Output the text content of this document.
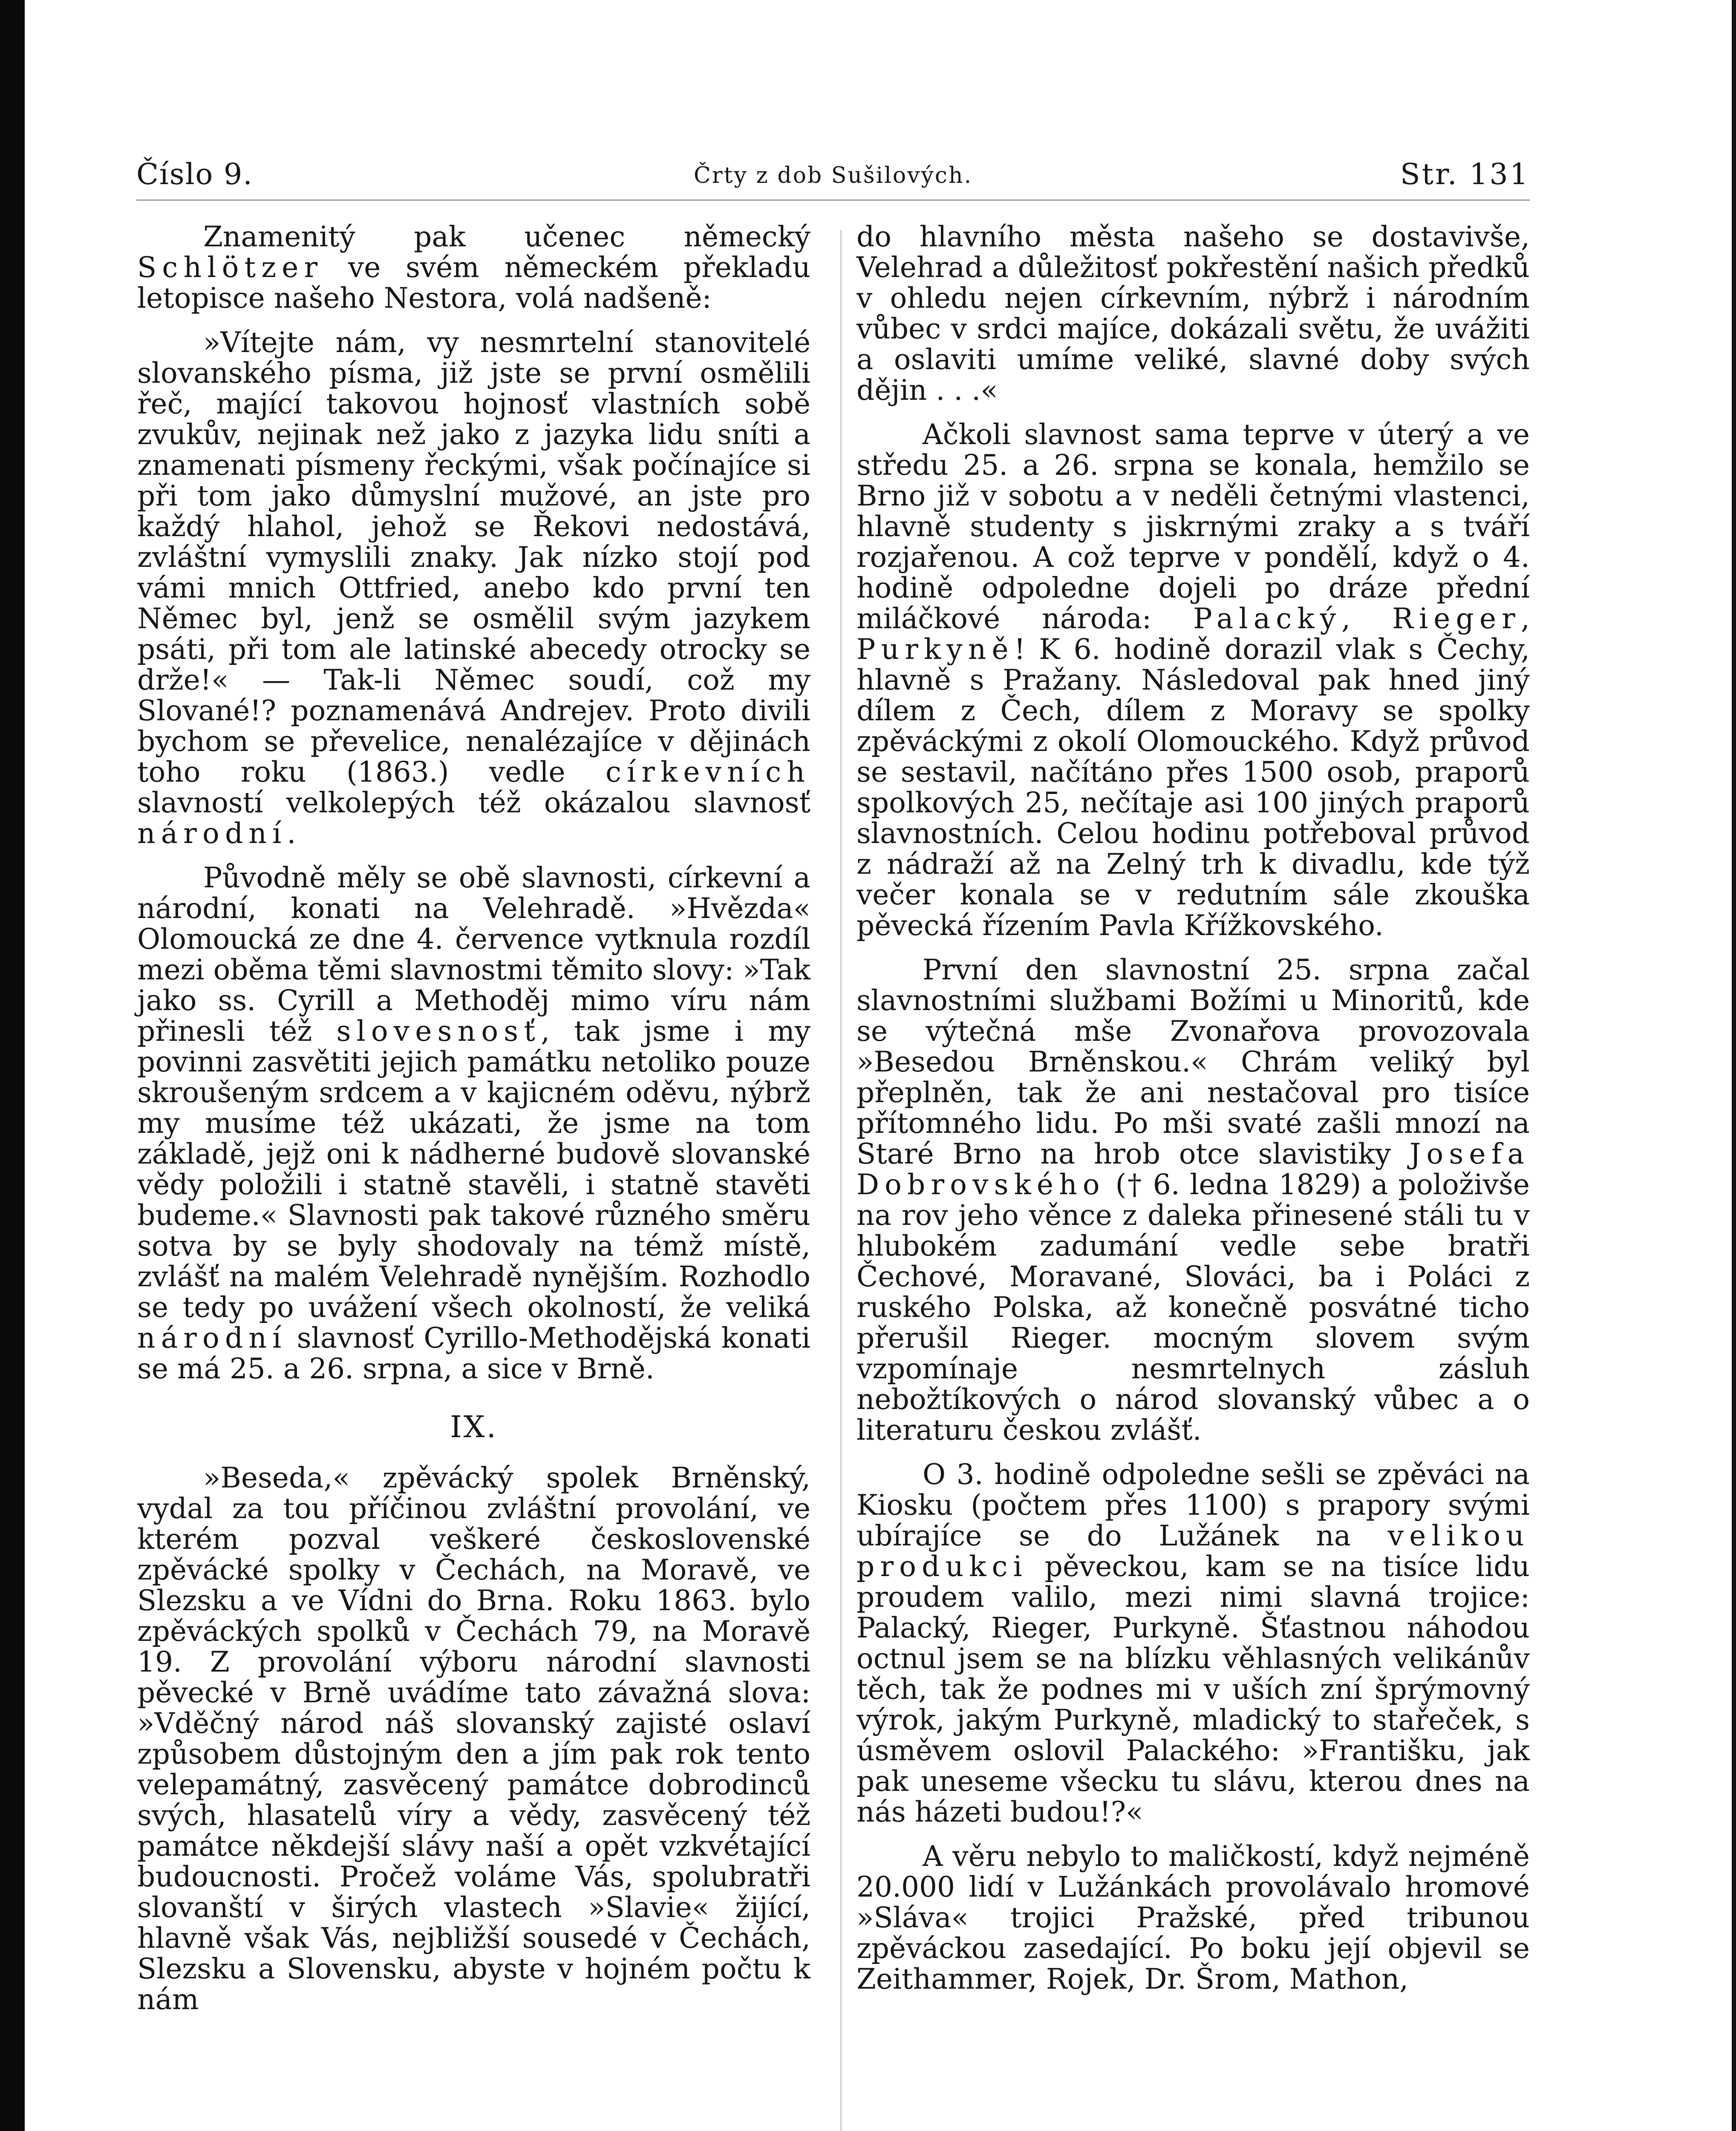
Číslo 9.	Črty z dob Sušilových.	Str. 131

Znamenitý pak učenec německý Schlötzer ve svém německém překladu letopisce našeho Nestora, volá nadšeně:

»Vítejte nám, vy nesmrtelní stanovitelé slovanského písma, již jste se první osmělili řeč, mající takovou hojnosť vlastních sobě zvukův, nejinak než jako z jazyka lidu sníti a znamenati písmeny řeckými, však počínajíce si při tom jako důmyslní mužové, an jste pro každý hlahol, jehož se Řekovi nedostává, zvláštní vymyslili znaky. Jak nízko stojí pod vámi mnich Ottfried, anebo kdo první ten Němec byl, jenž se osmělil svým jazykem psáti, při tom ale latinské abecedy otrocky se drže!« — Tak-li Němec soudí, což my Slované!? poznamenává Andrejev. Proto divili bychom se převelice, nenalézajíce v dějinách toho roku (1863.) vedle církevních slavností velkolepých též okázalou slavnosť národní.

Původně měly se obě slavnosti, církevní a národní, konati na Velehradě. »Hvězda« Olomoucká ze dne 4. července vytknula rozdíl mezi oběma těmi slavnostmi těmito slovy: »Tak jako ss. Cyrill a Methoděj mimo víru nám přinesli též slovesnosť, tak jsme i my povinni zasvětiti jejich památku netoliko pouze skroušeným srdcem a v kajicném oděvu, nýbrž my musíme též ukázati, že jsme na tom základě, jejž oni k nádherné budově slovanské vědy položili i statně stavěli, i statně stavěti budeme.« Slavnosti pak takové různého směru sotva by se byly shodovaly na témž místě, zvlášť na malém Velehradě nynějším. Rozhodlo se tedy po uvážení všech okolností, že veliká národní slavnosť Cyrillo-Methodějská konati se má 25. a 26. srpna, a sice v Brně.

IX.

»Beseda,« zpěvácký spolek Brněnský, vydal za tou příčinou zvláštní provolání, ve kterém pozval veškeré československé zpěvácké spolky v Čechách, na Moravě, ve Slezsku a ve Vídni do Brna. Roku 1863. bylo zpěváckých spolků v Čechách 79, na Moravě 19. Z provolání výboru národní slavnosti pěvecké v Brně uvádíme tato závažná slova: »Vděčný národ náš slovanský zajisté oslaví způsobem důstojným den a jím pak rok tento velepamátný, zasvěcený památce dobrodinců svých, hlasatelů víry a vědy, zasvěcený též památce někdejší slávy naší a opět vzkvétající budoucnosti. Pročež voláme Vás, spolubratři slovanští v širých vlastech »Slavie« žijící, hlavně však Vás, nejbližší sousedé v Čechách, Slezsku a Slovensku, abyste v hojném počtu k nám

do hlavního města našeho se dostavivše, Velehrad a důležitosť pokřestění našich předků v ohledu nejen církevním, nýbrž i národním vůbec v srdci majíce, dokázali světu, že uvážiti a oslaviti umíme veliké, slavné doby svých dějin . . .«

Ačkoli slavnost sama teprve v úterý a ve středu 25. a 26. srpna se konala, hemžilo se Brno již v sobotu a v neděli četnými vlastenci, hlavně studenty s jiskrnými zraky a s tváří rozjařenou. A což teprve v pondělí, když o 4. hodině odpoledne dojeli po dráze přední miláčkové národa: Palacký, Rieger, Purkyně! K 6. hodině dorazil vlak s Čechy, hlavně s Pražany. Následoval pak hned jiný dílem z Čech, dílem z Moravy se spolky zpěváckými z okolí Olomouckého. Když průvod se sestavil, načítáno přes 1500 osob, praporů spolkových 25, nečítaje asi 100 jiných praporů slavnostních. Celou hodinu potřeboval průvod z nádraží až na Zelný trh k divadlu, kde týž večer konala se v redutním sále zkouška pěvecká řízením Pavla Křížkovského.

První den slavnostní 25. srpna začal slavnostními službami Božími u Minoritů, kde se výtečná mše Zvonařova provozovala »Besedou Brněnskou.« Chrám veliký byl přeplněn, tak že ani nestačoval pro tisíce přítomného lidu. Po mši svaté zašli mnozí na Staré Brno na hrob otce slavistiky Josefa Dobrovského († 6. ledna 1829) a položivše na rov jeho věnce z daleka přinesené stáli tu v hlubokém zadumání vedle sebe bratři Čechové, Moravané, Slováci, ba i Poláci z ruského Polska, až konečně posvátné ticho přerušil Rieger. mocným slovem svým vzpomínaje nesmrtelnych zásluh nebožtíkových o národ slovanský vůbec a o literaturu českou zvlášť.

O 3. hodině odpoledne sešli se zpěváci na Kiosku (počtem přes 1100) s prapory svými ubírajíce se do Lužánek na velikou produkci pěveckou, kam se na tisíce lidu proudem valilo, mezi nimi slavná trojice: Palacký, Rieger, Purkyně. Šťastnou náhodou octnul jsem se na blízku věhlasných velikánův těch, tak že podnes mi v uších zní šprýmovný výrok, jakým Purkyně, mladický to stařeček, s úsměvem oslovil Palackého: »Františku, jak pak uneseme všecku tu slávu, kterou dnes na nás házeti budou!?«

A věru nebylo to maličkostí, když nejméně 20.000 lidí v Lužánkách provolávalo hromové »Sláva« trojici Pražské, před tribunou zpěváckou zasedající. Po boku její objevil se Zeithammer, Rojek, Dr. Šrom, Mathon,
